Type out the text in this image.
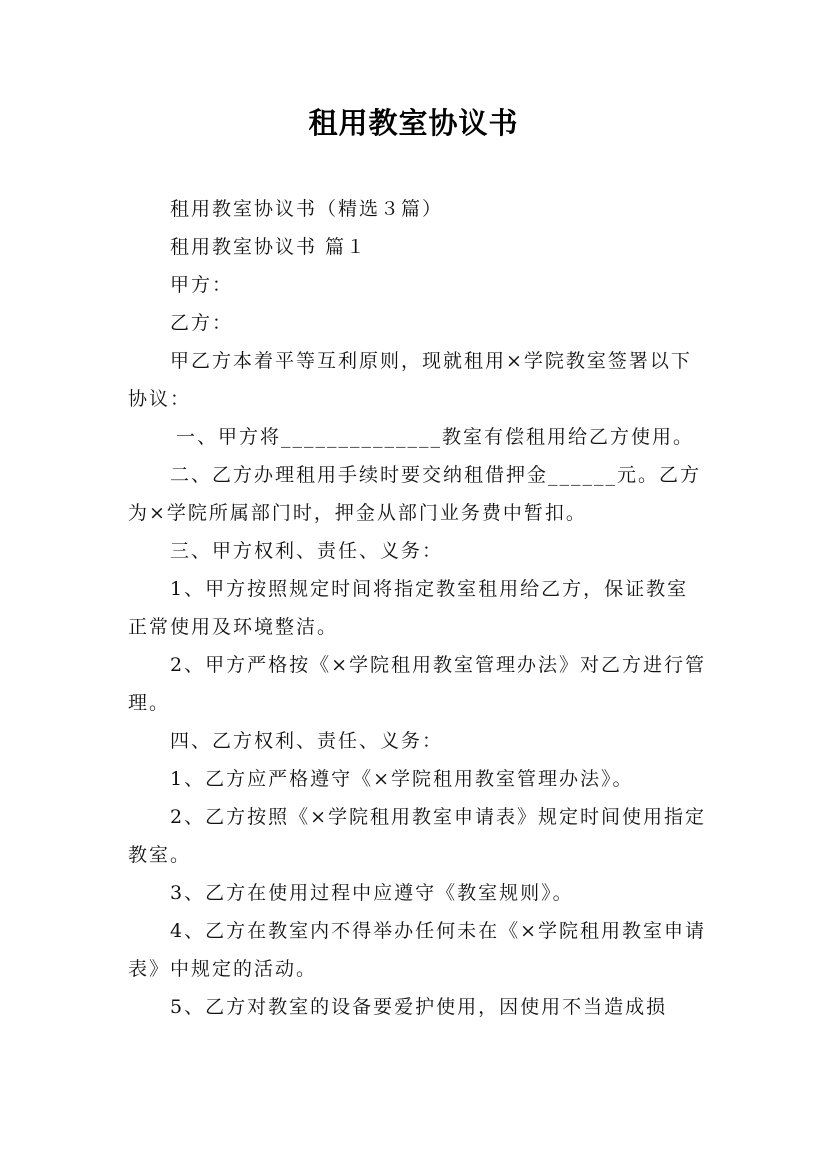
租用教室协议书

租用教室协议书（精选３篇）

租用教室协议书 篇１

甲方：

乙方：

甲乙方本着平等互利原则，现就租用×学院教室签署以下协议：

一、甲方将______________教室有偿租用给乙方使用。

二、乙方办理租用手续时要交纳租借押金______元。乙方为×学院所属部门时，押金从部门业务费中暂扣。

三、甲方权利、责任、义务：

1、甲方按照规定时间将指定教室租用给乙方，保证教室正常使用及环境整洁。

2、甲方严格按《×学院租用教室管理办法》对乙方进行管理。

四、乙方权利、责任、义务：

1、乙方应严格遵守《×学院租用教室管理办法》。

2、乙方按照《×学院租用教室申请表》规定时间使用指定教室。

3、乙方在使用过程中应遵守《教室规则》。

4、乙方在教室内不得举办任何未在《×学院租用教室申请表》中规定的活动。

5、乙方对教室的设备要爱护使用，因使用不当造成损
